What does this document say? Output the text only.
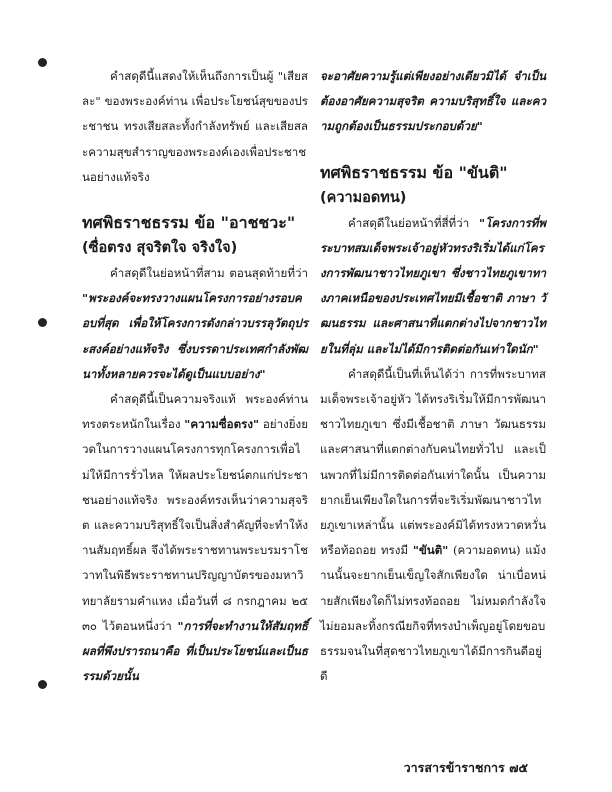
คำสดุดีนี้แสดงให้เห็นถึงการเป็นผู้ "เสียสละ" ของพระองค์ท่าน เพื่อประโยชน์สุขของประชาชน ทรงเสียสละทั้งกำลังทรัพย์ และเสียสละความสุขสำราญของพระองค์เองเพื่อประชาชนอย่างแท้จริง

ทศพิธราชธรรม ข้อ "อาชชวะ"

(ซื่อตรง สุจริตใจ จริงใจ)

คำสดุดีในย่อหน้าที่สาม ตอนสุดท้ายที่ว่า "พระองค์จะทรงวางแผนโครงการอย่างรอบคอบที่สุด เพื่อให้โครงการดังกล่าวบรรลุวัตถุประสงค์อย่างแท้จริง ซึ่งบรรดาประเทศกำลังพัฒนาทั้งหลายควรจะได้ดูเป็นแบบอย่าง"

คำสดุดีนี้เป็นความจริงแท้ พระองค์ท่านทรงตระหนักในเรื่อง "ความซื่อตรง" อย่างยิ่งยวดในการวางแผนโครงการทุกโครงการเพื่อไม่ให้มีการรั่วไหล ให้ผลประโยชน์ตกแก่ประชาชนอย่างแท้จริง พระองค์ทรงเห็นว่าความสุจริต และความบริสุทธิ์ใจเป็นสิ่งสำคัญที่จะทำให้งานสัมฤทธิ์ผล จึงได้พระราชทานพระบรมราโชวาทในพิธีพระราชทานปริญญาบัตรของมหาวิทยาลัยรามคำแหง เมื่อวันที่ ๘ กรกฎาคม ๒๕๓๐ ไว้ตอนหนึ่งว่า "การที่จะทำงานให้สัมฤทธิ์ผลที่พึงปรารถนาคือ ที่เป็นประโยชน์และเป็นธรรมด้วยนั้น

จะอาศัยความรู้แต่เพียงอย่างเดียวมิได้ จำเป็นต้องอาศัยความสุจริต ความบริสุทธิ์ใจ และความถูกต้องเป็นธรรมประกอบด้วย"

ทศพิธราชธรรม ข้อ "ขันติ"

(ความอดทน)

คำสดุดีในย่อหน้าที่สี่ที่ว่า "โครงการที่พระบาทสมเด็จพระเจ้าอยู่หัวทรงริเริ่มได้แก่โครงการพัฒนาชาวไทยภูเขา ซึ่งชาวไทยภูเขาทางภาคเหนือของประเทศไทยมีเชื้อชาติ ภาษา วัฒนธรรม และศาสนาที่แตกต่างไปจากชาวไทยในที่ลุ่ม และไม่ได้มีการติดต่อกันเท่าใดนัก"

คำสดุดีนี้เป็นที่เห็นได้ว่า การที่พระบาทสมเด็จพระเจ้าอยู่หัว ได้ทรงริเริ่มให้มีการพัฒนาชาวไทยภูเขา ซึ่งมีเชื้อชาติ ภาษา วัฒนธรรม และศาสนาที่แตกต่างกับคนไทยทั่วไป และเป็นพวกที่ไม่มีการติดต่อกันเท่าใดนั้น เป็นความยากเย็นเพียงใดในการที่จะริเริ่มพัฒนาชาวไทยภูเขาเหล่านั้น แต่พระองค์มิได้ทรงหวาดหวั่น หรือท้อถอย ทรงมี "ขันติ" (ความอดทน) แม้งานนั้นจะยากเย็นเข็ญใจสักเพียงใด น่าเบื่อหน่ายสักเพียงใดก็ไม่ทรงท้อถอย ไม่หมดกำลังใจ ไม่ยอมละทิ้งกรณียกิจที่ทรงบำเพ็ญอยู่โดยขอบธรรมจนในที่สุดชาวไทยภูเขาได้มีการกินดีอยู่ดี

วารสารข้าราชการ ๗๕
